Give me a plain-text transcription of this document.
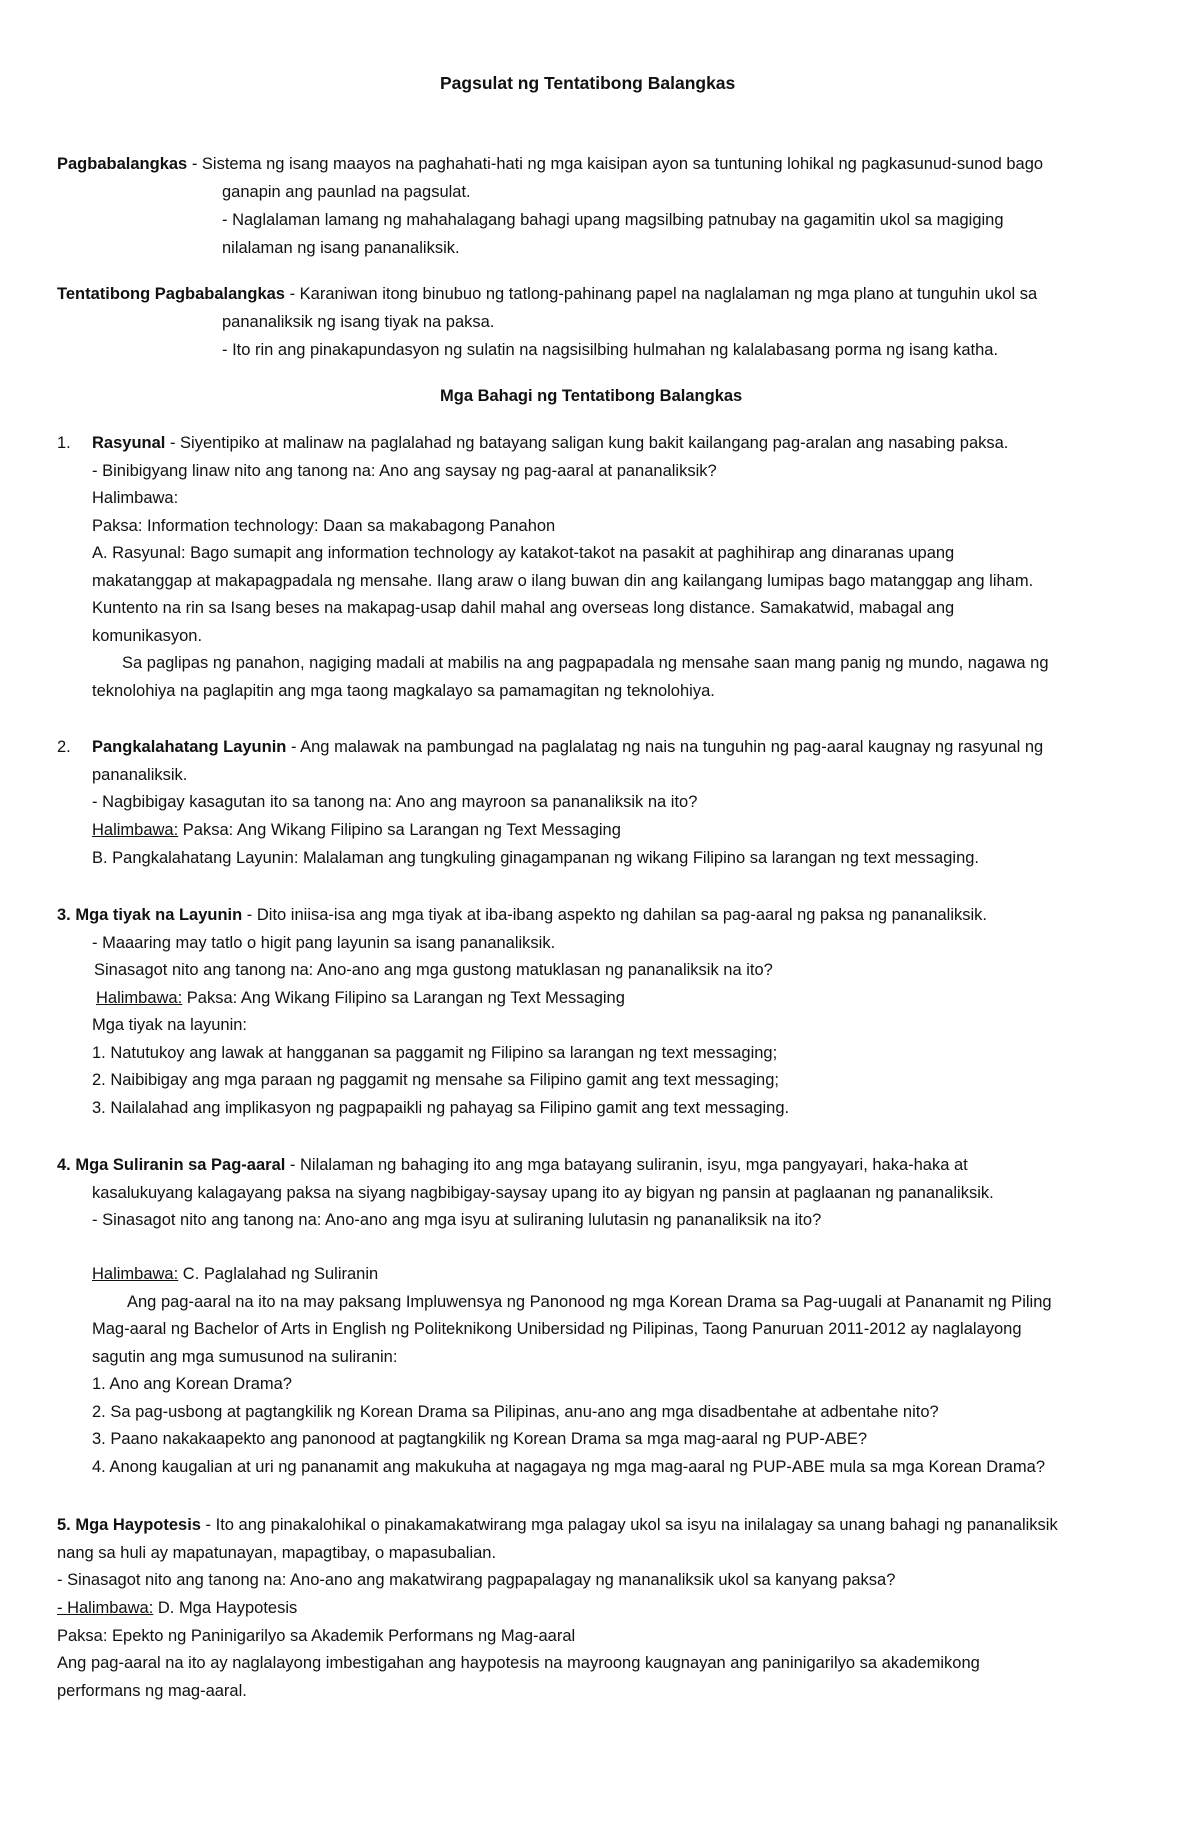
Pagsulat ng Tentatibong Balangkas
Pagbabalangkas - Sistema ng isang maayos na paghahati-hati ng mga kaisipan ayon sa tuntuning lohikal ng pagkasunud-sunod bago
ganapin ang paunlad na pagsulat.
- Naglalaman lamang ng mahahalagang bahagi upang magsilbing patnubay na gagamitin ukol sa magiging
nilalaman ng isang pananaliksik.
Tentatibong Pagbabalangkas - Karaniwan itong binubuo ng tatlong-pahinang papel na naglalaman ng mga plano at tunguhin ukol sa
pananaliksik ng isang tiyak na paksa.
- Ito rin ang pinakapundasyon ng sulatin na nagsisilbing hulmahan ng kalalabasang porma ng isang katha.
Mga Bahagi ng Tentatibong Balangkas
1. Rasyunal - Siyentipiko at malinaw na paglalahad ng batayang saligan kung bakit kailangang pag-aralan ang nasabing paksa.
- Binibigyang linaw nito ang tanong na: Ano ang saysay ng pag-aaral at pananaliksik?
Halimbawa:
Paksa: Information technology: Daan sa makabagong Panahon
A. Rasyunal: Bago sumapit ang information technology ay katakot-takot na pasakit at paghihirap ang dinaranas upang
makatanggap at makapagpadala ng mensahe. Ilang araw o ilang buwan din ang kailangang lumipas bago matanggap ang liham.
Kuntento na rin sa Isang beses na makapag-usap dahil mahal ang overseas long distance. Samakatwid, mabagal ang
komunikasyon.
Sa paglipas ng panahon, nagiging madali at mabilis na ang pagpapadala ng mensahe saan mang panig ng mundo, nagawa ng
teknolohiya na paglapitin ang mga taong magkalayo sa pamamagitan ng teknolohiya.
2. Pangkalahatang Layunin - Ang malawak na pambungad na paglalatag ng nais na tunguhin ng pag-aaral kaugnay ng rasyunal ng
pananaliksik.
- Nagbibigay kasagutan ito sa tanong na: Ano ang mayroon sa pananaliksik na ito?
Halimbawa: Paksa: Ang Wikang Filipino sa Larangan ng Text Messaging
B. Pangkalahatang Layunin: Malalaman ang tungkuling ginagampanan ng wikang Filipino sa larangan ng text messaging.
3. Mga tiyak na Layunin - Dito iniisa-isa ang mga tiyak at iba-ibang aspekto ng dahilan sa pag-aaral ng paksa ng pananaliksik.
- Maaaring may tatlo o higit pang layunin sa isang pananaliksik.
Sinasagot nito ang tanong na: Ano-ano ang mga gustong matuklasan ng pananaliksik na ito?
Halimbawa: Paksa: Ang Wikang Filipino sa Larangan ng Text Messaging
Mga tiyak na layunin:
1. Natutukoy ang lawak at hangganan sa paggamit ng Filipino sa larangan ng text messaging;
2. Naibibigay ang mga paraan ng paggamit ng mensahe sa Filipino gamit ang text messaging;
3. Nailalahad ang implikasyon ng pagpapaikli ng pahayag sa Filipino gamit ang text messaging.
4. Mga Suliranin sa Pag-aaral - Nilalaman ng bahaging ito ang mga batayang suliranin, isyu, mga pangyayari, haka-haka at
kasalukuyang kalagayang paksa na siyang nagbibigay-saysay upang ito ay bigyan ng pansin at paglaanan ng pananaliksik.
- Sinasagot nito ang tanong na: Ano-ano ang mga isyu at suliraning lulutasin ng pananaliksik na ito?
Halimbawa: C. Paglalahad ng Suliranin
Ang pag-aaral na ito na may paksang Impluwensya ng Panonood ng mga Korean Drama sa Pag-uugali at Pananamit ng Piling
Mag-aaral ng Bachelor of Arts in English ng Politeknikong Unibersidad ng Pilipinas, Taong Panuruan 2011-2012 ay naglalayong
sagutin ang mga sumusunod na suliranin:
1. Ano ang Korean Drama?
2. Sa pag-usbong at pagtangkilik ng Korean Drama sa Pilipinas, anu-ano ang mga disadbentahe at adbentahe nito?
3. Paano nakakaapekto ang panonood at pagtangkilik ng Korean Drama sa mga mag-aaral ng PUP-ABE?
4. Anong kaugalian at uri ng pananamit ang makukuha at nagagaya ng mga mag-aaral ng PUP-ABE mula sa mga Korean Drama?
5. Mga Haypotesis - Ito ang pinakalohikal o pinakamakatwirang mga palagay ukol sa isyu na inilalagay sa unang bahagi ng pananaliksik
nang sa huli ay mapatunayan, mapagtibay, o mapasubalian.
- Sinasagot nito ang tanong na: Ano-ano ang makatwirang pagpapalagay ng mananaliksik ukol sa kanyang paksa?
- Halimbawa: D. Mga Haypotesis
Paksa: Epekto ng Paninigarilyo sa Akademik Performans ng Mag-aaral
Ang pag-aaral na ito ay naglalayong imbestigahan ang haypotesis na mayroong kaugnayan ang paninigarilyo sa akademikong
performans ng mag-aaral.
